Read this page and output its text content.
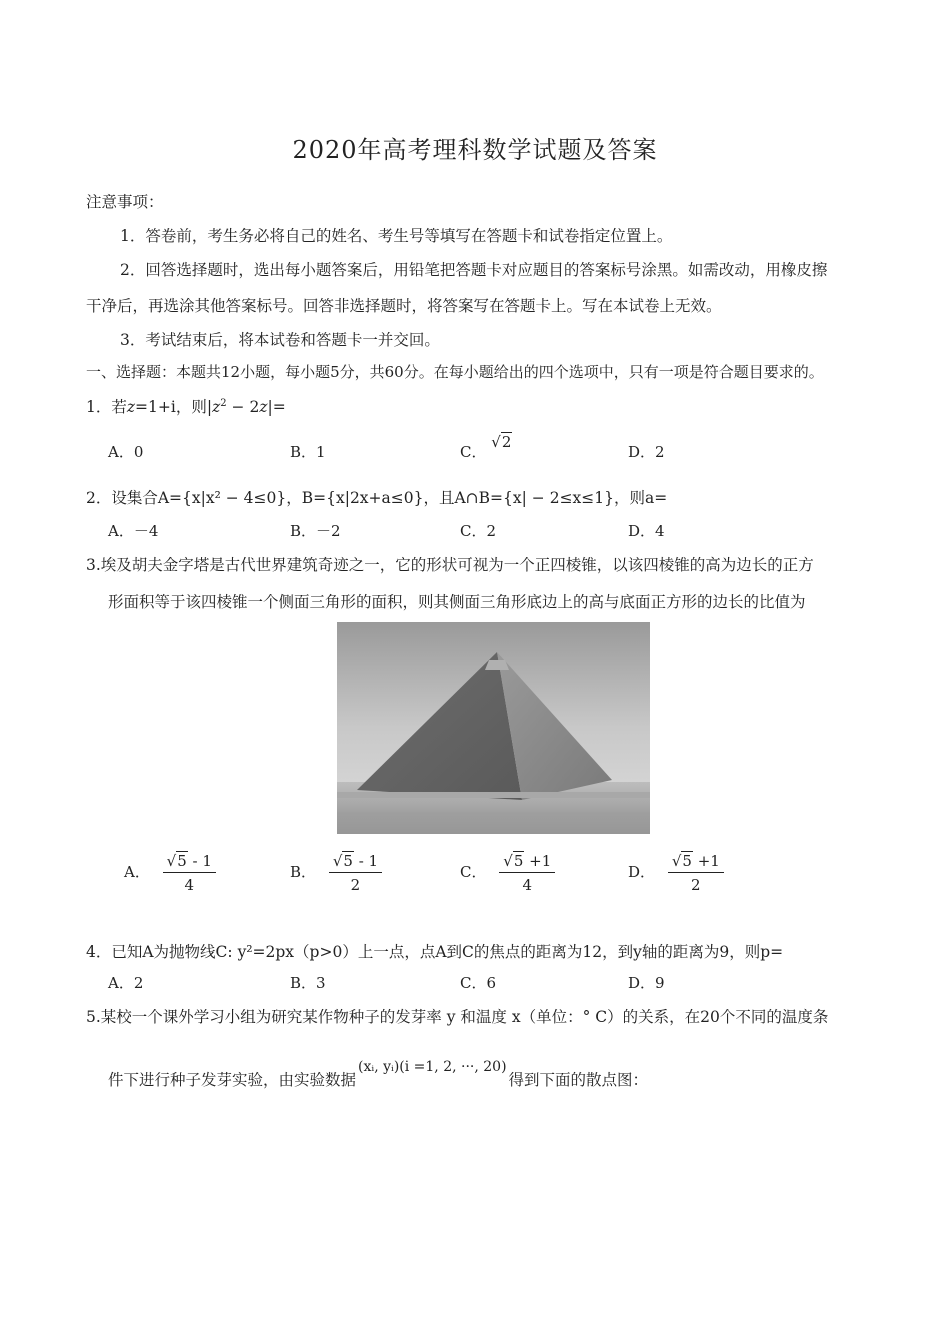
2020年高考理科数学试题及答案
注意事项：
1．答卷前，考生务必将自己的姓名、考生号等填写在答题卡和试卷指定位置上。
2．回答选择题时，选出每小题答案后，用铅笔把答题卡对应题目的答案标号涂黑。如需改动，用橡皮擦
干净后，再选涂其他答案标号。回答非选择题时，将答案写在答题卡上。写在本试卷上无效。
3．考试结束后，将本试卷和答题卡一并交回。
一、选择题：本题共12小题，每小题5分，共60分。在每小题给出的四个选项中，只有一项是符合题目要求的。
1．若z=1+i，则$|z^2 - 2z|=$
A．0	B．1	C． √2
D．2
2．设集合A={x|x² − 4≤0}，B={x|2x+a≤0}，且A∩B={x| − 2≤x≤1}，则a=
A．－4	B．－2	C．2	D．4
3.埃及胡夫金字塔是古代世界建筑奇迹之一，它的形状可视为一个正四棱锥，以该四棱锥的高为边长的正方
形面积等于该四棱锥一个侧面三角形的面积，则其侧面三角形底边上的高与底面正方形的边长的比值为
A． $\frac{√5 - 1}{4}$	B． $\frac{√5 - 1}{2}$	C． $\frac{√5 +1}{4}$	D． $\frac{√5 +1}{2}$
4．已知A为抛物线C: y²=2px（p>0）上一点，点A到C的焦点的距离为12，到y轴的距离为9，则p=
A．2	B．3	C．6	D．9
5.某校一个课外学习小组为研究某作物种子的发芽率 y 和温度 x（单位：° C）的关系，在20个不同的温度条
件下进行种子发芽实验，由实验数据(xᵢ, yᵢ)(i =1, 2, ···, 20)得到下面的散点图：
